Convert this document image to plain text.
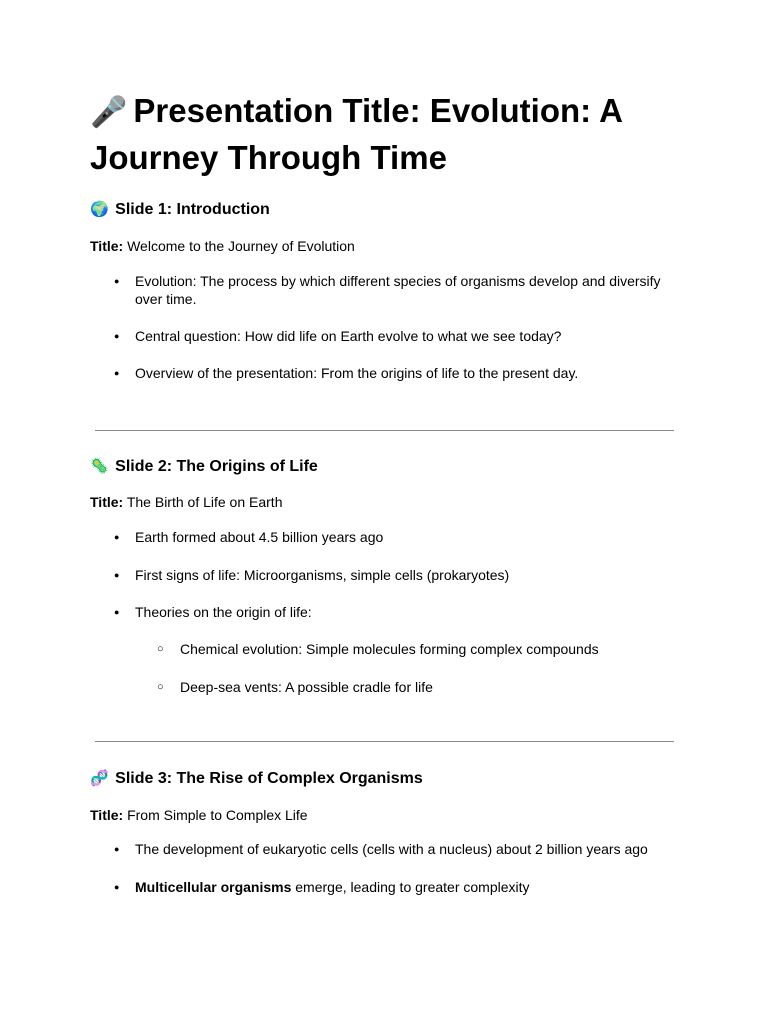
🎤 Presentation Title: Evolution: A Journey Through Time
🌍 Slide 1: Introduction
Title: Welcome to the Journey of Evolution
● Evolution: The process by which different species of organisms develop and diversify over time.
● Central question: How did life on Earth evolve to what we see today?
● Overview of the presentation: From the origins of life to the present day.
🦠 Slide 2: The Origins of Life
Title: The Birth of Life on Earth
● Earth formed about 4.5 billion years ago
● First signs of life: Microorganisms, simple cells (prokaryotes)
● Theories on the origin of life:
○ Chemical evolution: Simple molecules forming complex compounds
○ Deep-sea vents: A possible cradle for life
🧬 Slide 3: The Rise of Complex Organisms
Title: From Simple to Complex Life
● The development of eukaryotic cells (cells with a nucleus) about 2 billion years ago
● Multicellular organisms emerge, leading to greater complexity
